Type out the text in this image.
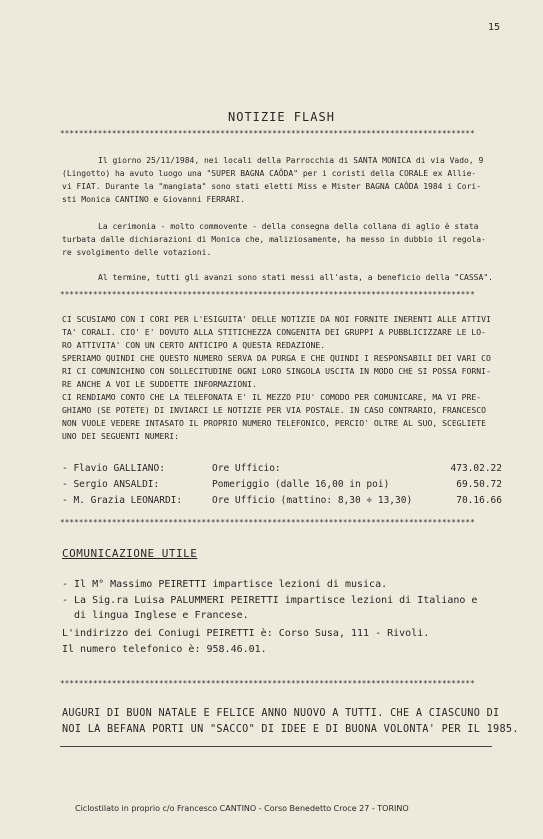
15
NOTIZIE FLASH
****************************************************************************************
Il giorno 25/11/1984, nei locali della Parrocchia di SANTA MONICA di via Vado, 9
(Lingotto) ha avuto luogo una "SUPER BAGNA CAÔDA" per i coristi della CORALE ex Allie-
vi FIAT. Durante la "mangiata" sono stati eletti Miss e Mister BAGNA CAÔDA 1984 i Cori-
sti Monica CANTINO e Giovanni FERRARI.
La cerimonia - molto commovente - della consegna della collana di aglio è stata
turbata dalle dichiarazioni di Monica che, maliziosamente, ha messo in dubbio il regola-
re svolgimento delle votazioni.
Al termine, tutti gli avanzi sono stati messi all'asta, a beneficio della "CASSA".
****************************************************************************************
CI SCUSIAMO CON I CORI PER L'ESIGUITA' DELLE NOTIZIE DA NOI FORNITE INERENTI ALLE ATTIVI
TA' CORALI. CIO' E' DOVUTO ALLA STITICHEZZA CONGENITA DEI GRUPPI A PUBBLICIZZARE LE LO-
RO ATTIVITA' CON UN CERTO ANTICIPO A QUESTA REDAZIONE.
SPERIAMO QUINDI CHE QUESTO NUMERO SERVA DA PURGA E CHE QUINDI I RESPONSABILI DEI VARI CO
RI CI COMUNICHINO CON SOLLECITUDINE OGNI LORO SINGOLA USCITA IN MODO CHE SI POSSA FORNI-
RE ANCHE A VOI LE SUDDETTE INFORMAZIONI.
CI RENDIAMO CONTO CHE LA TELEFONATA E' IL MEZZO PIU' COMODO PER COMUNICARE, MA VI PRE-
GHIAMO (SE POTETE) DI INVIARCI LE NOTIZIE PER VIA POSTALE. IN CASO CONTRARIO, FRANCESCO
NON VUOLE VEDERE INTASATO IL PROPRIO NUMERO TELEFONICO, PERCIO' OLTRE AL SUO, SCEGLIETE
UNO DEI SEGUENTI NUMERI:
- Flavio GALLIANO:	Ore Ufficio:	473.02.22
- Sergio ANSALDI:	Pomeriggio (dalle 16,00 in poi)	69.50.72
- M. Grazia LEONARDI:	Ore Ufficio (mattino: 8,30 ÷ 13,30)	70.16.66
****************************************************************************************
COMUNICAZIONE UTILE
- Il M° Massimo PEIRETTI impartisce lezioni di musica.
- La Sig.ra Luisa PALUMMERI PEIRETTI impartisce lezioni di Italiano e
di lingua Inglese e Francese.
L'indirizzo dei Coniugi PEIRETTI è: Corso Susa, 111 - Rivoli.
Il numero telefonico è: 958.46.01.
****************************************************************************************
AUGURI DI BUON NATALE E FELICE ANNO NUOVO A TUTTI. CHE A CIASCUNO DI
NOI LA BEFANA PORTI UN "SACCO" DI IDEE E DI BUONA VOLONTA' PER IL 1985.
Ciclostilato in proprio c/o Francesco CANTINO - Corso Benedetto Croce 27 - TORINO
